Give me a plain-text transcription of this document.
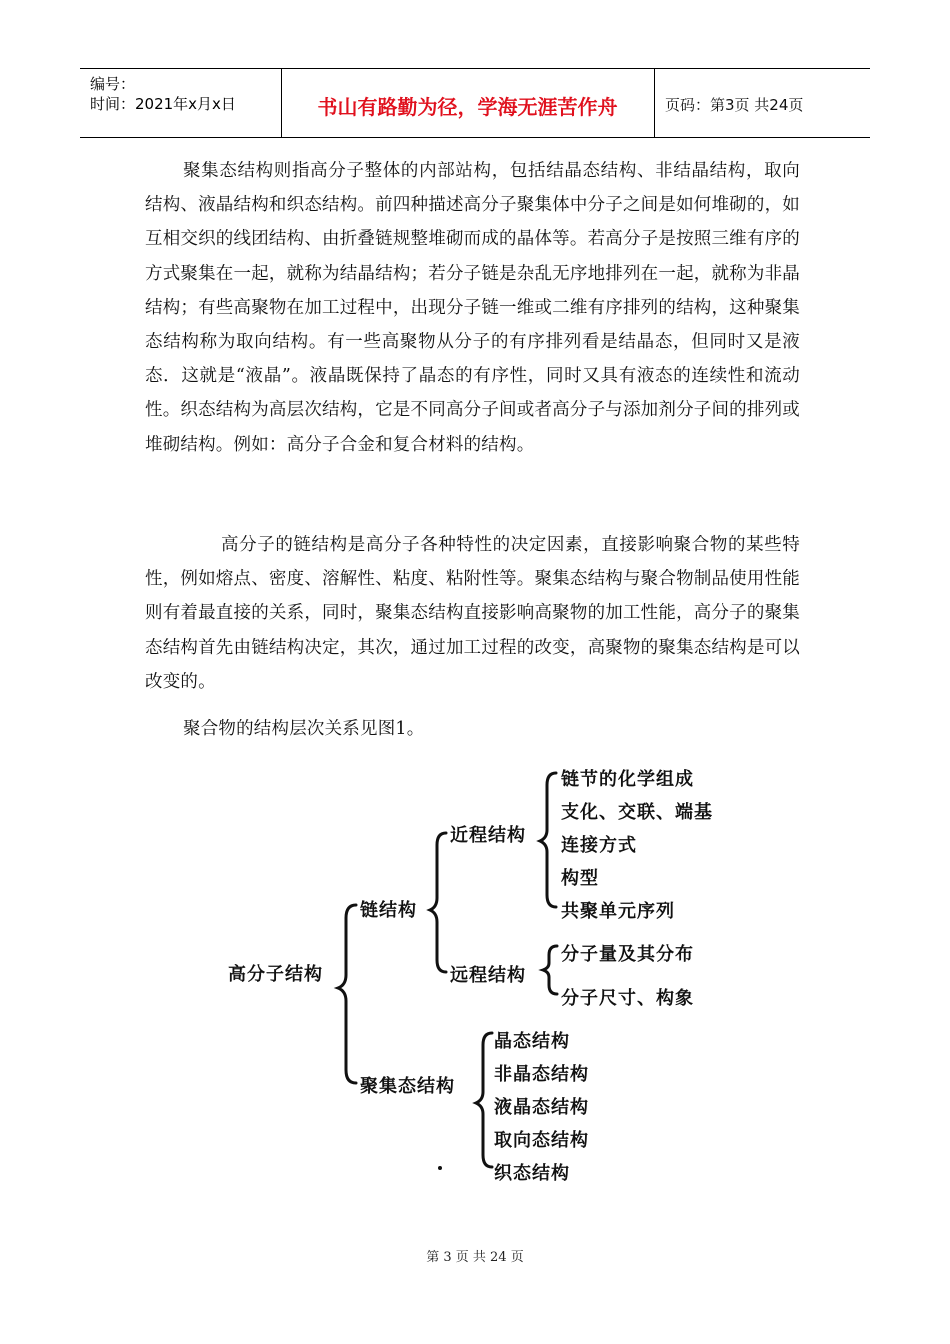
编号：
时间：2021年x月x日	书山有路勤为径，学海无涯苦作舟	页码：第3页 共24页
聚集态结构则指高分子整体的内部站构，包括结晶态结构、非结晶结构，取向结构、液晶结构和织态结构。前四种描述高分子聚集体中分子之间是如何堆砌的，如互相交织的线团结构、由折叠链规整堆砌而成的晶体等。若高分子是按照三维有序的方式聚集在一起，就称为结晶结构；若分子链是杂乱无序地排列在一起，就称为非晶结构；有些高聚物在加工过程中，出现分子链一维或二维有序排列的结构，这种聚集态结构称为取向结构。有一些高聚物从分子的有序排列看是结晶态，但同时又是液态．这就是“液晶”。液晶既保持了晶态的有序性，同时又具有液态的连续性和流动性。织态结构为高层次结构，它是不同高分子间或者高分子与添加剂分子间的排列或堆砌结构。例如：高分子合金和复合材料的结构。
高分子的链结构是高分子各种特性的决定因素，直接影响聚合物的某些特性，例如熔点、密度、溶解性、粘度、粘附性等。聚集态结构与聚合物制品使用性能则有着最直接的关系，同时，聚集态结构直接影响高聚物的加工性能，高分子的聚集态结构首先由链结构决定，其次，通过加工过程的改变，高聚物的聚集态结构是可以改变的。
聚合物的结构层次关系见图1。
高分子结构
链结构
聚集态结构
近程结构
远程结构
链节的化学组成
支化、交联、端基
连接方式
构型
共聚单元序列
分子量及其分布
分子尺寸、构象
晶态结构
非晶态结构
液晶态结构
取向态结构
织态结构
第 3 页 共 24 页
